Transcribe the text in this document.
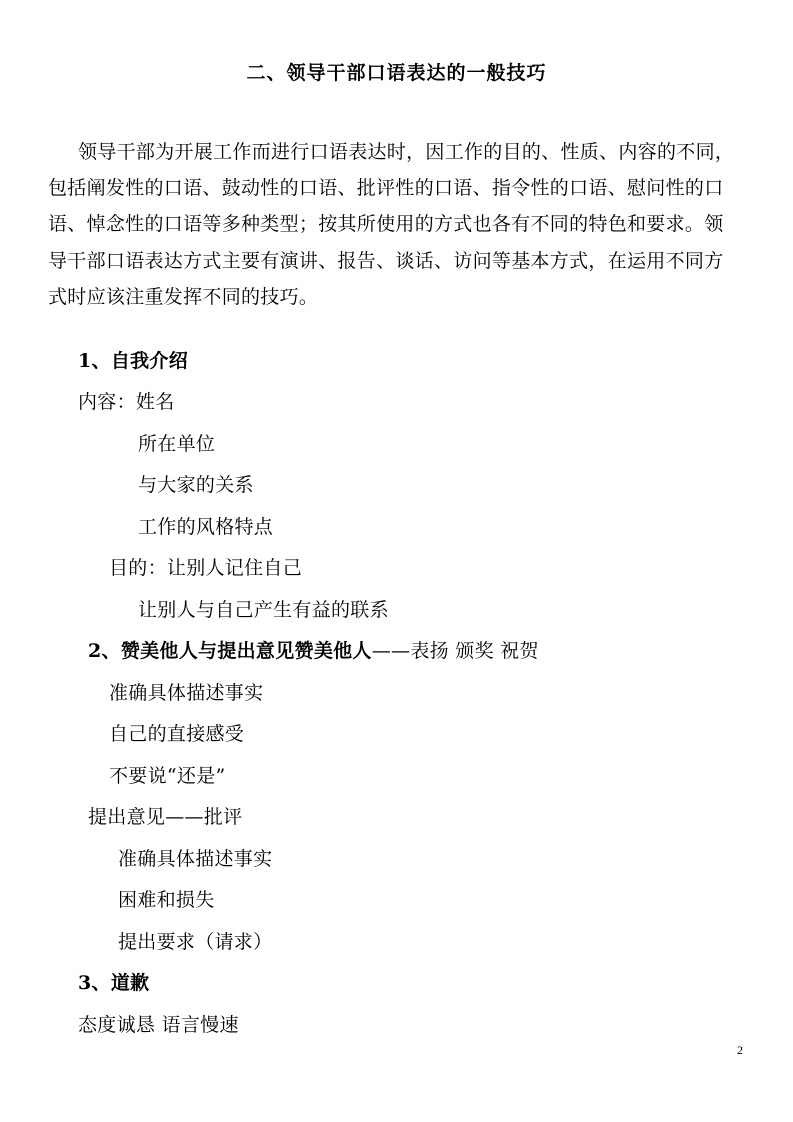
二、领导干部口语表达的一般技巧
领导干部为开展工作而进行口语表达时，因工作的目的、性质、内容的不同，
包括阐发性的口语、鼓动性的口语、批评性的口语、指令性的口语、慰问性的口
语、悼念性的口语等多种类型；按其所使用的方式也各有不同的特色和要求。领
导干部口语表达方式主要有演讲、报告、谈话、访问等基本方式，在运用不同方
式时应该注重发挥不同的技巧。
1、自我介绍
内容：姓名
所在单位
与大家的关系
工作的风格特点
目的：让别人记住自己
让别人与自己产生有益的联系
2、赞美他人与提出意见赞美他人——表扬 颁奖 祝贺
准确具体描述事实
自己的直接感受
不要说“还是”
提出意见——批评
准确具体描述事实
困难和损失
提出要求（请求）
3、道歉
态度诚恳 语言慢速
2
